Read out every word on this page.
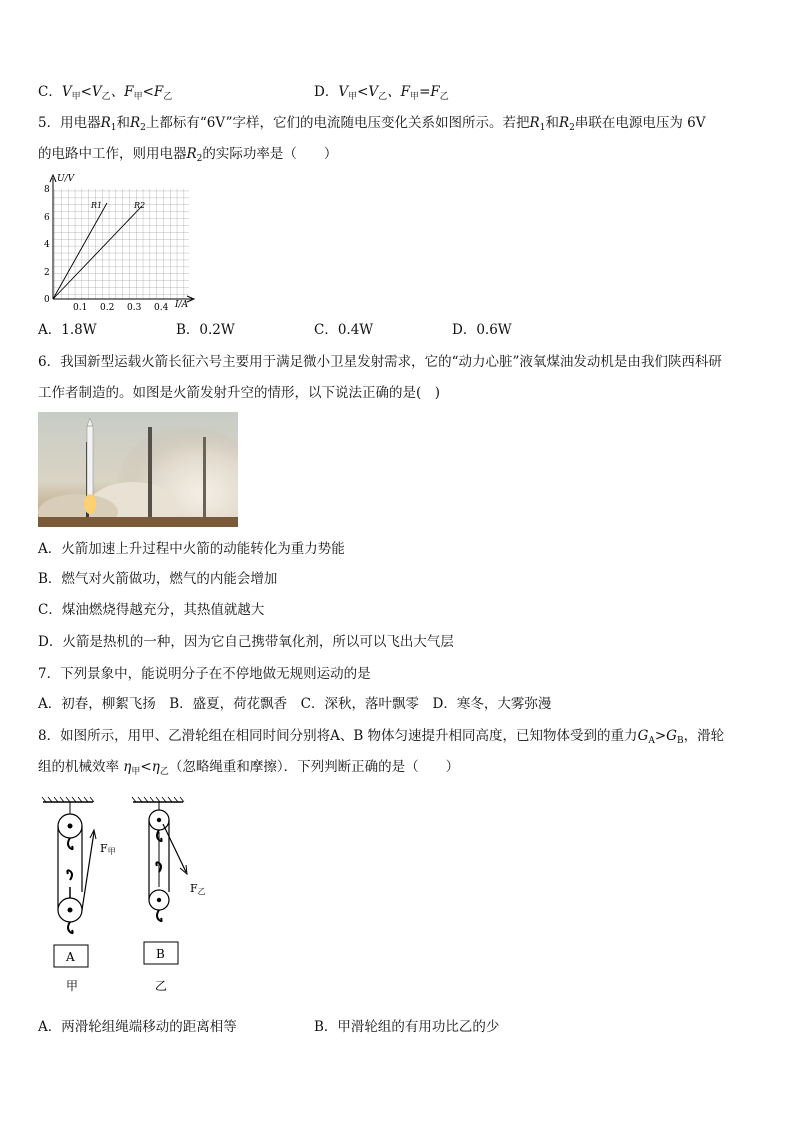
C．$V_甲<V_乙$、$F_甲<F_乙$	D．$V_甲<V_乙$、$F_甲=F_乙$
5．用电器$R_1$和$R_2$上都标有“6V”字样，它们的电流随电压变化关系如图所示。若把$R_1$和$R_2$串联在电源电压为 6V
的电路中工作，则用电器$R_2$的实际功率是（　　）
U/V
I/A
8
6
4
2
0
0.1 0.2 0.3 0.4
R1	R2
A．1.8W	B．0.2W	C．0.4W	D．0.6W
6．我国新型运载火箭长征六号主要用于满足微小卫星发射需求，它的“动力心脏”液氧煤油发动机是由我们陕西科研
工作者制造的。如图是火箭发射升空的情形，以下说法正确的是(　)
A．火箭加速上升过程中火箭的动能转化为重力势能
B．燃气对火箭做功，燃气的内能会增加
C．煤油燃烧得越充分，其热值就越大
D．火箭是热机的一种，因为它自己携带氧化剂，所以可以飞出大气层
7．下列景象中，能说明分子在不停地做无规则运动的是
A．初春，柳絮飞扬　B．盛夏，荷花飘香　C．深秋，落叶飘零　D．寒冬，大雾弥漫
8．如图所示，用甲、乙滑轮组在相同时间分别将A、B 物体匀速提升相同高度，已知物体受到的重力$G_A>G_B$，滑轮
组的机械效率 $\eta_甲<\eta_乙$（忽略绳重和摩擦）．下列判断正确的是（　　）
A
F甲
甲
B
F乙
乙
A．两滑轮组绳端移动的距离相等	B．甲滑轮组的有用功比乙的少
